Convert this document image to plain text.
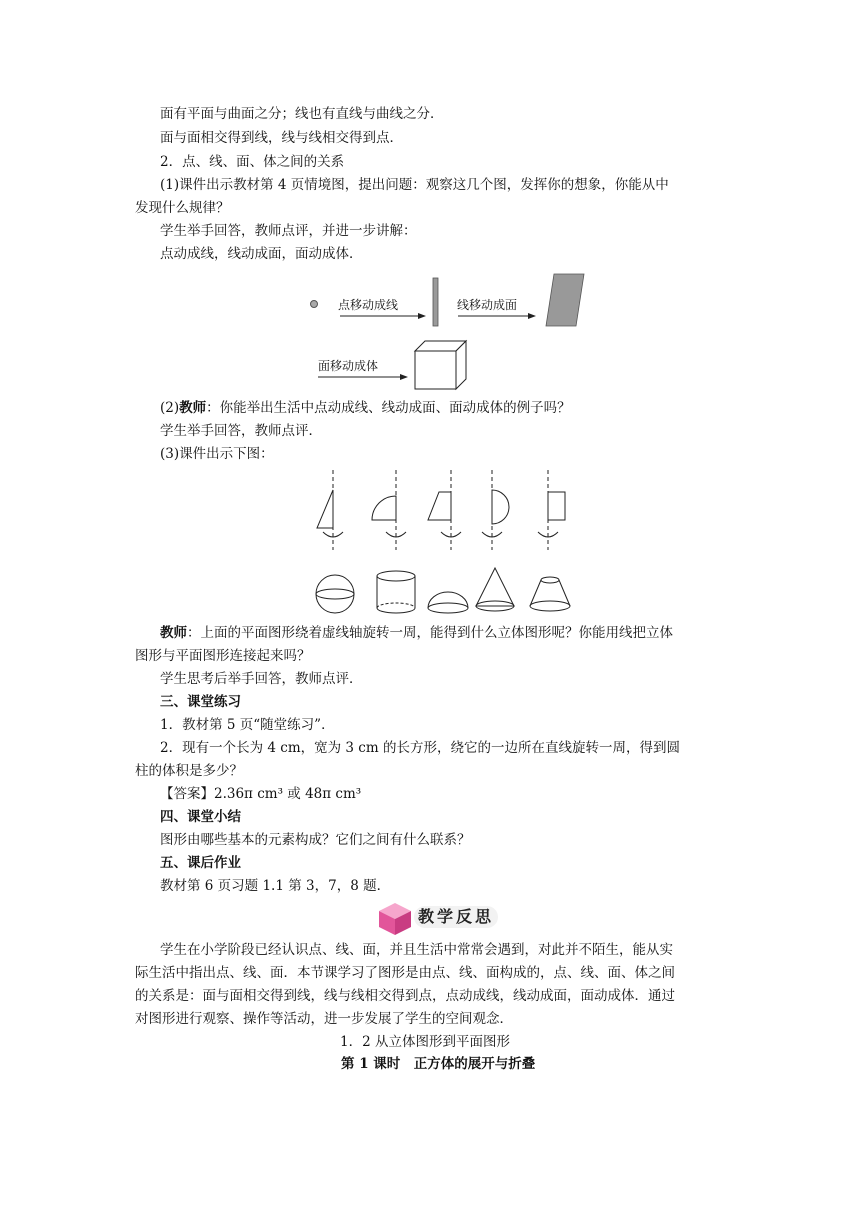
面有平面与曲面之分；线也有直线与曲线之分．
面与面相交得到线，线与线相交得到点．
2．点、线、面、体之间的关系
(1)课件出示教材第 4 页情境图，提出问题：观察这几个图，发挥你的想象，你能从中
发现什么规律？
学生举手回答，教师点评，并进一步讲解：
点动成线，线动成面，面动成体．
点移动成线	线移动成面
面移动成体
(2)教师：你能举出生活中点动成线、线动成面、面动成体的例子吗？
学生举手回答，教师点评．
(3)课件出示下图：
教师：上面的平面图形绕着虚线轴旋转一周，能得到什么立体图形呢？你能用线把立体
图形与平面图形连接起来吗？
学生思考后举手回答，教师点评．
三、课堂练习
1．教材第 5 页“随堂练习”．
2．现有一个长为 4 cm，宽为 3 cm 的长方形，绕它的一边所在直线旋转一周，得到圆
柱的体积是多少？
【答案】2.36π cm³ 或 48π cm³
四、课堂小结
图形由哪些基本的元素构成？它们之间有什么联系？
五、课后作业
教材第 6 页习题 1.1 第 3，7，8 题．
教学反思
学生在小学阶段已经认识点、线、面，并且生活中常常会遇到，对此并不陌生，能从实
际生活中指出点、线、面．本节课学习了图形是由点、线、面构成的，点、线、面、体之间
的关系是：面与面相交得到线，线与线相交得到点，点动成线，线动成面，面动成体．通过
对图形进行观察、操作等活动，进一步发展了学生的空间观念．
1．2 从立体图形到平面图形
第 1 课时　正方体的展开与折叠
